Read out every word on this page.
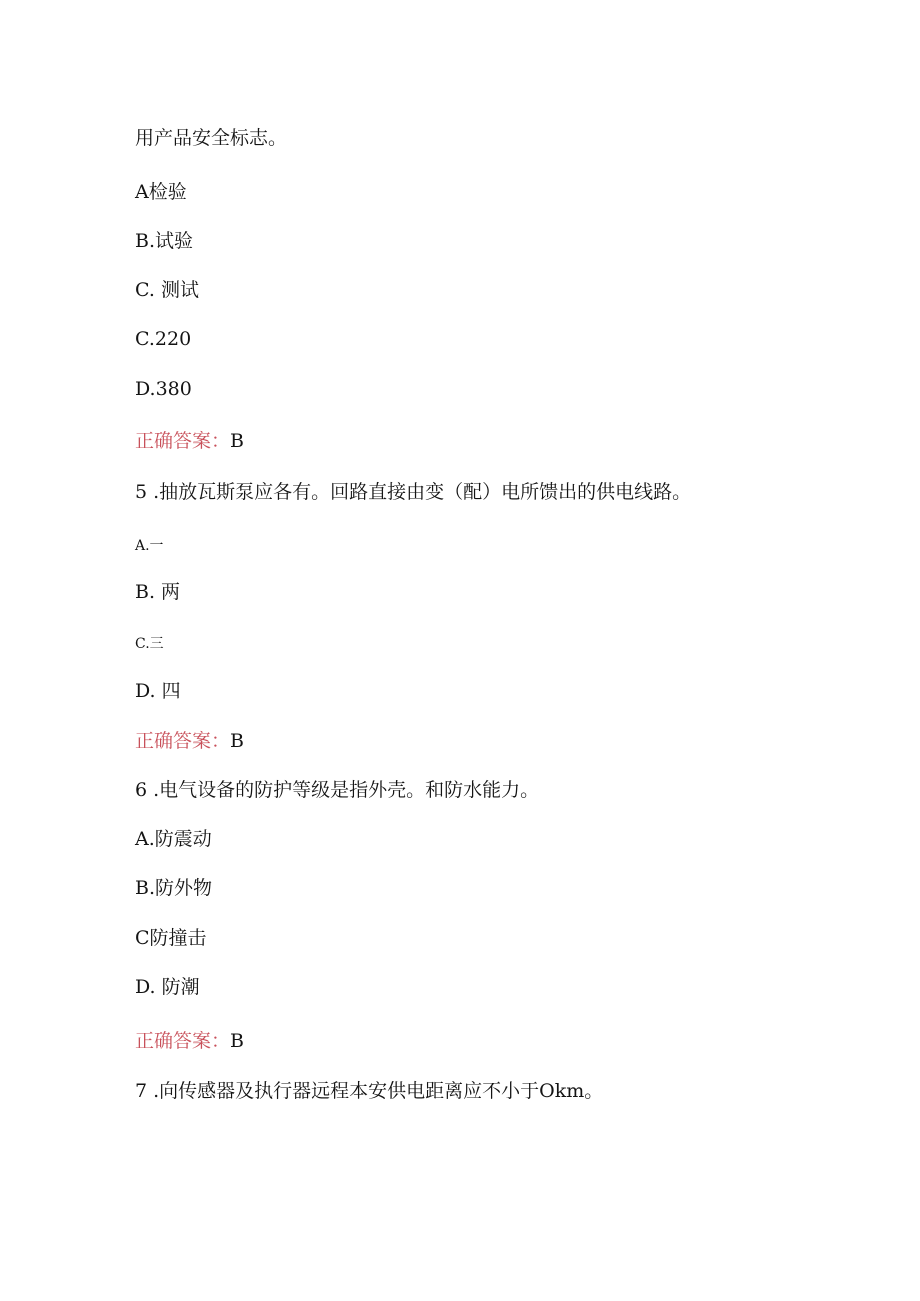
用产品安全标志。
A检验
B.试验
C. 测试
C.220
D.380
正确答案：B
5 .抽放瓦斯泵应各有。回路直接由变（配）电所馈出的供电线路。
A.一
B. 两
C.三
D. 四
正确答案：B
6 .电气设备的防护等级是指外壳。和防水能力。
A.防震动
B.防外物
C防撞击
D. 防潮
正确答案：B
7 .向传感器及执行器远程本安供电距离应不小于Okm。
